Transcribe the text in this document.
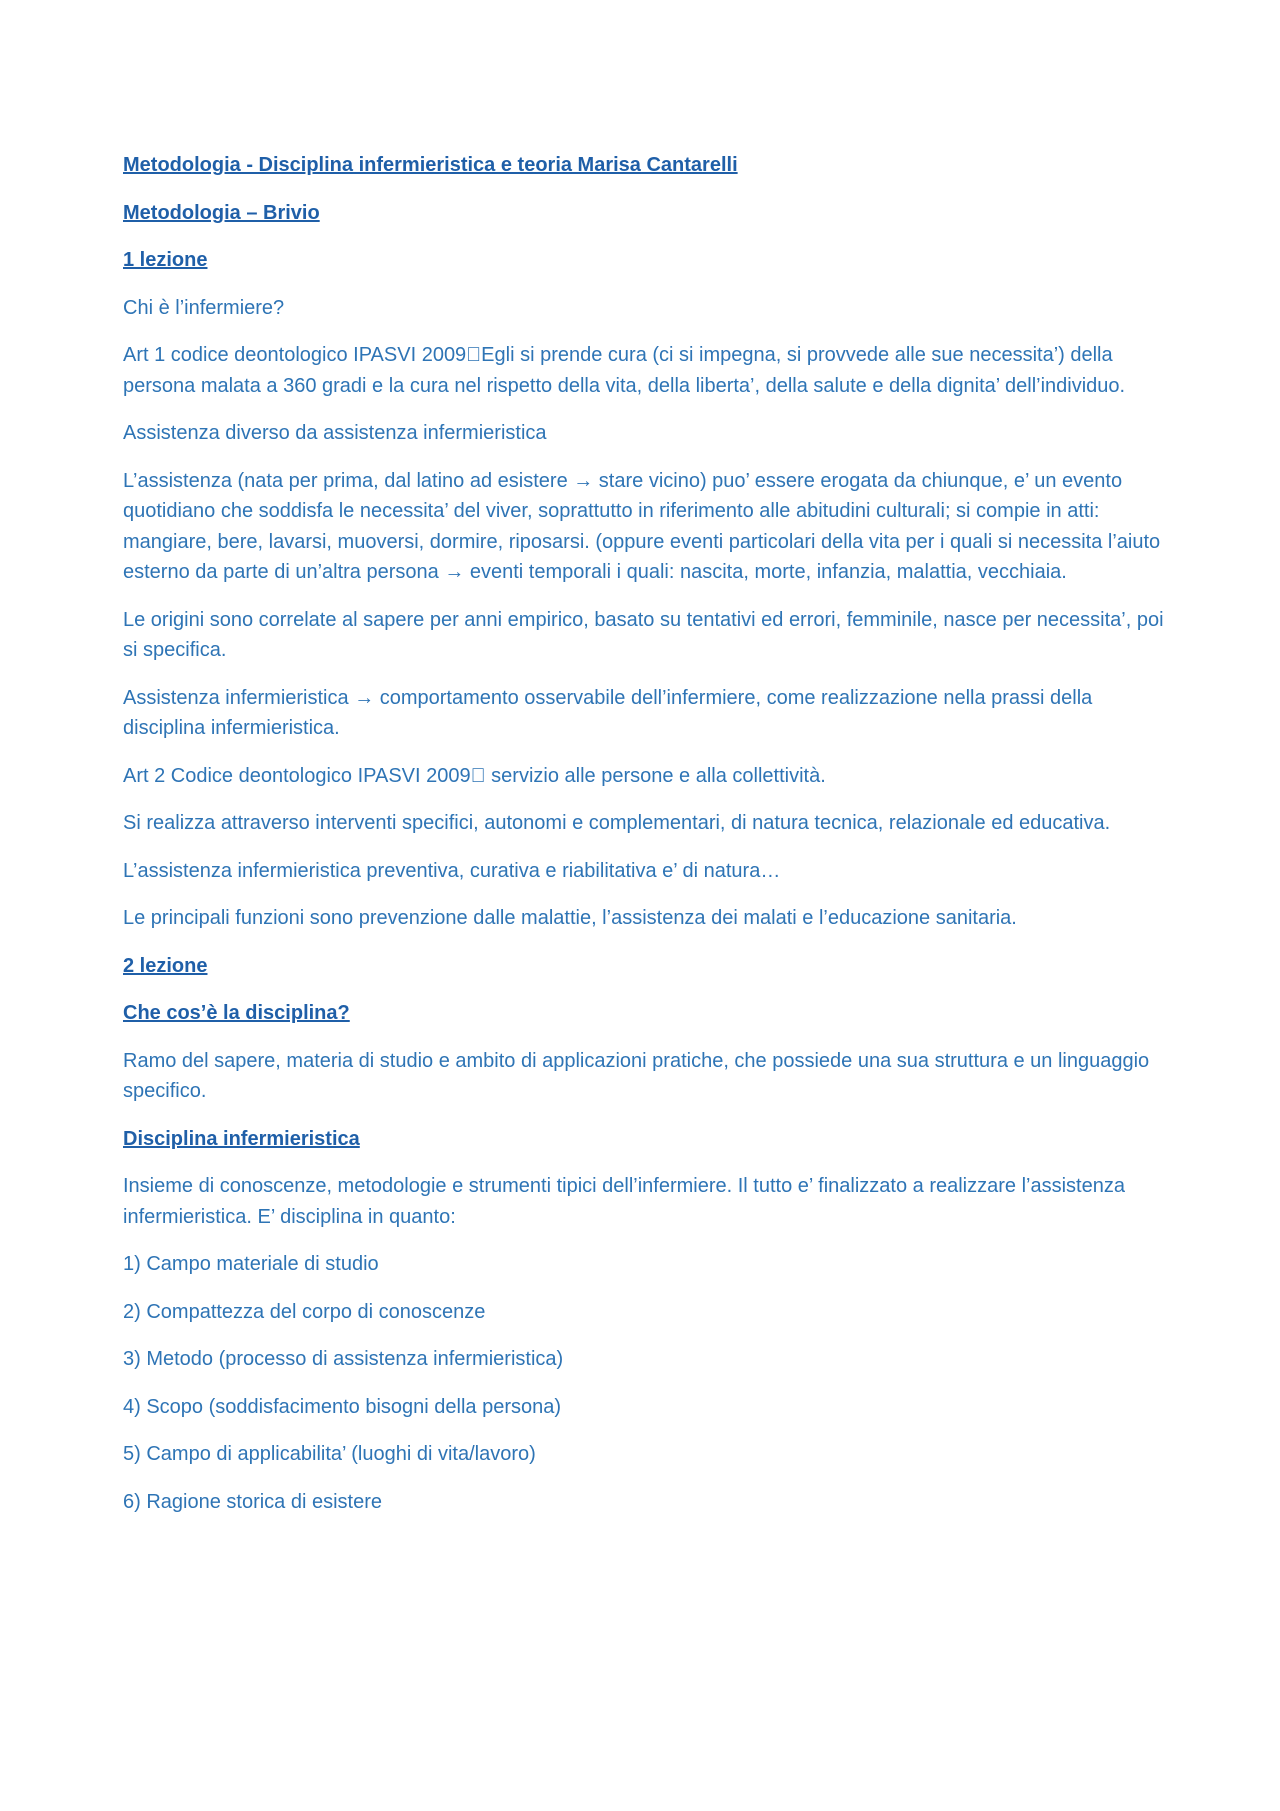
Metodologia - Disciplina infermieristica e teoria Marisa Cantarelli

Metodologia – Brivio

1 lezione

Chi è l’infermiere?

Art 1 codice deontologico IPASVI 2009 Egli si prende cura (ci si impegna, si provvede alle sue necessita’) della persona malata a 360 gradi e la cura nel rispetto della vita, della liberta’, della salute e della dignita’ dell’individuo.

Assistenza diverso da assistenza infermieristica

L’assistenza (nata per prima, dal latino ad esistere → stare vicino) puo’ essere erogata da chiunque, e’ un evento quotidiano che soddisfa le necessita’ del viver, soprattutto in riferimento alle abitudini culturali; si compie in atti: mangiare, bere, lavarsi, muoversi, dormire, riposarsi. (oppure eventi particolari della vita per i quali si necessita l’aiuto esterno da parte di un’altra persona → eventi temporali i quali: nascita, morte, infanzia, malattia, vecchiaia.

Le origini sono correlate al sapere per anni empirico, basato su tentativi ed errori, femminile, nasce per necessita’, poi si specifica.

Assistenza infermieristica → comportamento osservabile dell’infermiere, come realizzazione nella prassi della disciplina infermieristica.

Art 2 Codice deontologico IPASVI 2009  servizio alle persone e alla collettività.

Si realizza attraverso interventi specifici, autonomi e complementari, di natura tecnica, relazionale ed educativa.

L’assistenza infermieristica preventiva, curativa e riabilitativa e’ di natura…

Le principali funzioni sono prevenzione dalle malattie, l’assistenza dei malati e l’educazione sanitaria.

2 lezione

Che cos’è la disciplina?

Ramo del sapere, materia di studio e ambito di applicazioni pratiche, che possiede una sua struttura e un linguaggio specifico.

Disciplina infermieristica

Insieme di conoscenze, metodologie e strumenti tipici dell’infermiere. Il tutto e’ finalizzato a realizzare l’assistenza infermieristica. E’ disciplina in quanto:

1) Campo materiale di studio

2) Compattezza del corpo di conoscenze

3) Metodo (processo di assistenza infermieristica)

4) Scopo (soddisfacimento bisogni della persona)

5) Campo di applicabilita’ (luoghi di vita/lavoro)

6) Ragione storica di esistere
